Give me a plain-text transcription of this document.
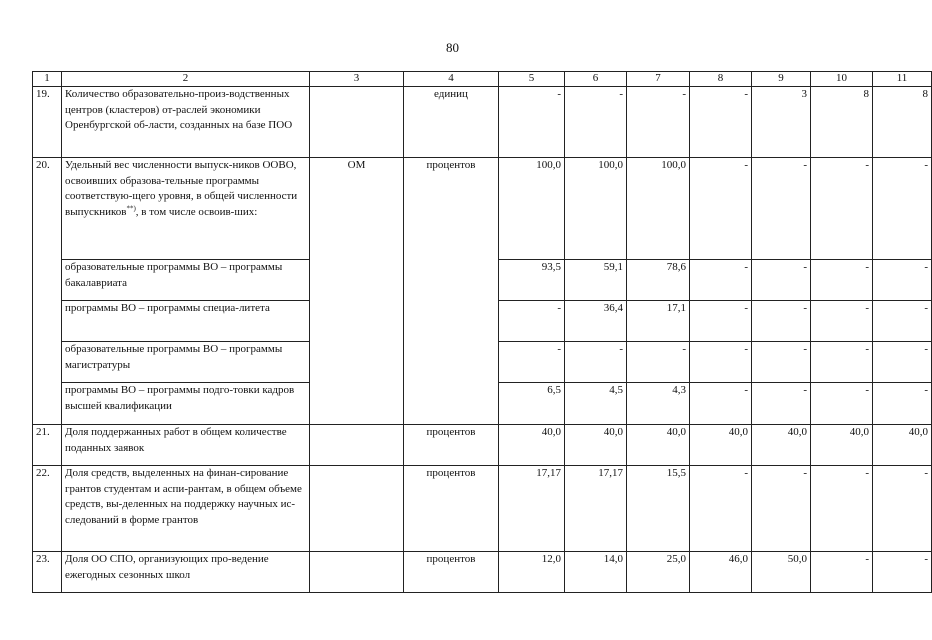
80
1	2	3	4	5	6	7	8	9	10	11
19.	Количество образовательно-произ-водственных центров (кластеров) от-раслей экономики Оренбургской об-ласти, созданных на базе ПОО		единиц	-	-	-	-	3	8	8
20.	Удельный вес численности выпуск-ников ООВО, освоивших образова-тельные программы соответствую-щего уровня, в общей численности выпускников**), в том числе освоив-ших:	ОМ	процентов	100,0	100,0	100,0	-	-	-	-
	образовательные программы ВО – программы бакалавриата			93,5	59,1	78,6	-	-	-	-
	программы ВО – программы специа-литета			-	36,4	17,1	-	-	-	-
	образовательные программы ВО – программы магистратуры			-	-	-	-	-	-	-
	программы ВО – программы подго-товки кадров высшей квалификации			6,5	4,5	4,3	-	-	-	-
21.	Доля поддержанных работ в общем количестве поданных заявок		процентов	40,0	40,0	40,0	40,0	40,0	40,0	40,0
22.	Доля средств, выделенных на финан-сирование грантов студентам и аспи-рантам, в общем объеме средств, вы-деленных на поддержку научных ис-следований в форме грантов		процентов	17,17	17,17	15,5	-	-	-	-
23.	Доля ОО СПО, организующих про-ведение ежегодных сезонных школ		процентов	12,0	14,0	25,0	46,0	50,0	-	-
